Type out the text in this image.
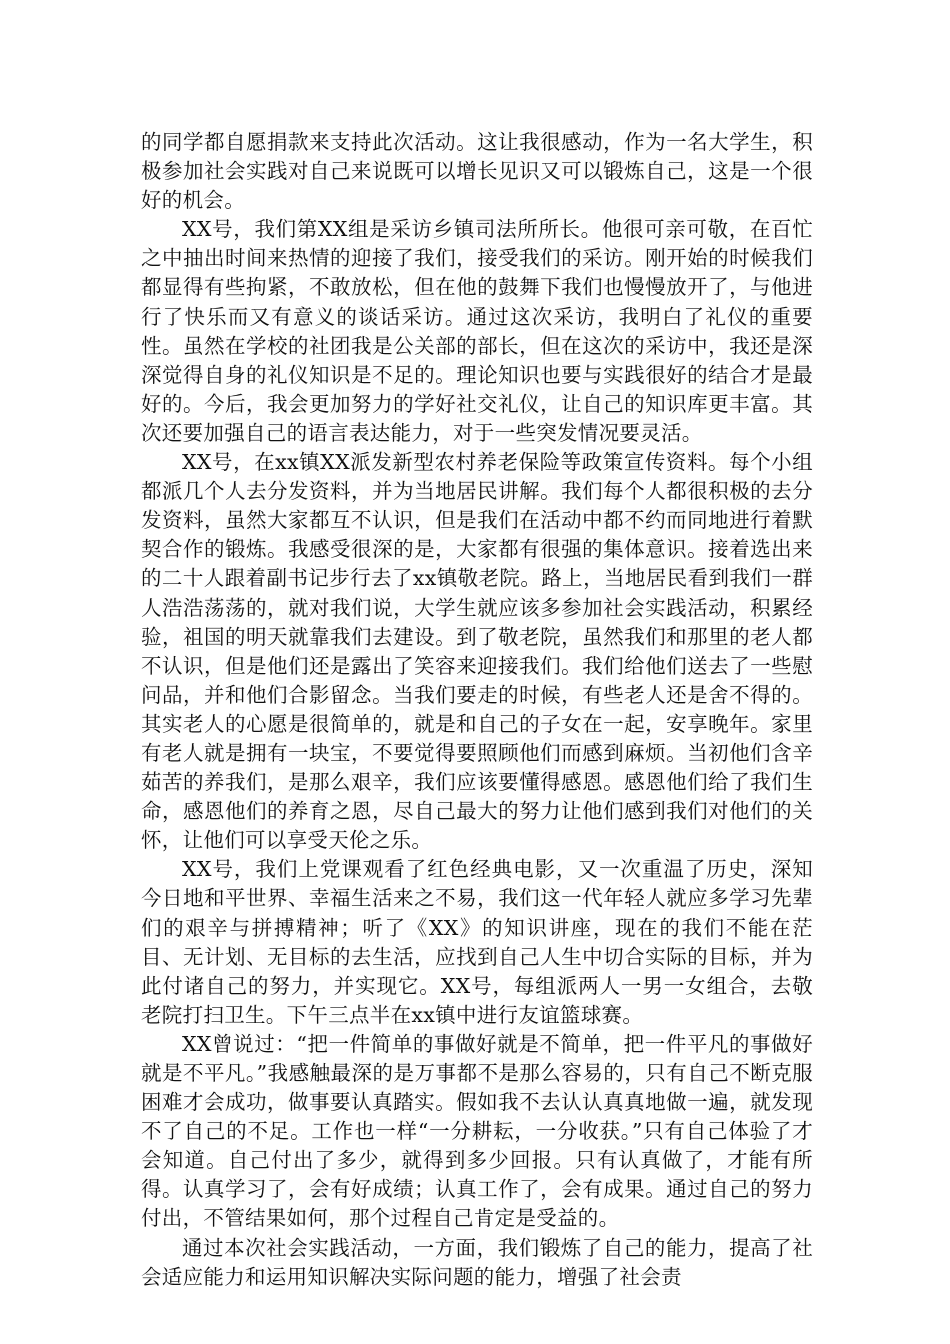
的同学都自愿捐款来支持此次活动。这让我很感动，作为一名大学生，积极参加社会实践对自己来说既可以增长见识又可以锻炼自己，这是一个很好的机会。

XX号，我们第XX组是采访乡镇司法所所长。他很可亲可敬，在百忙之中抽出时间来热情的迎接了我们，接受我们的采访。刚开始的时候我们都显得有些拘紧，不敢放松，但在他的鼓舞下我们也慢慢放开了，与他进行了快乐而又有意义的谈话采访。通过这次采访，我明白了礼仪的重要性。虽然在学校的社团我是公关部的部长，但在这次的采访中，我还是深深觉得自身的礼仪知识是不足的。理论知识也要与实践很好的结合才是最好的。今后，我会更加努力的学好社交礼仪，让自己的知识库更丰富。其次还要加强自己的语言表达能力，对于一些突发情况要灵活。

XX号，在xx镇XX派发新型农村养老保险等政策宣传资料。每个小组都派几个人去分发资料，并为当地居民讲解。我们每个人都很积极的去分发资料，虽然大家都互不认识，但是我们在活动中都不约而同地进行着默契合作的锻炼。我感受很深的是，大家都有很强的集体意识。接着选出来的二十人跟着副书记步行去了xx镇敬老院。路上，当地居民看到我们一群人浩浩荡荡的，就对我们说，大学生就应该多参加社会实践活动，积累经验，祖国的明天就靠我们去建设。到了敬老院，虽然我们和那里的老人都不认识，但是他们还是露出了笑容来迎接我们。我们给他们送去了一些慰问品，并和他们合影留念。当我们要走的时候，有些老人还是舍不得的。其实老人的心愿是很简单的，就是和自己的子女在一起，安享晚年。家里有老人就是拥有一块宝，不要觉得要照顾他们而感到麻烦。当初他们含辛茹苦的养我们，是那么艰辛，我们应该要懂得感恩。感恩他们给了我们生命，感恩他们的养育之恩，尽自己最大的努力让他们感到我们对他们的关怀，让他们可以享受天伦之乐。

XX号，我们上党课观看了红色经典电影，又一次重温了历史，深知今日地和平世界、幸福生活来之不易，我们这一代年轻人就应多学习先辈们的艰辛与拼搏精神；听了《XX》的知识讲座，现在的我们不能在茫目、无计划、无目标的去生活，应找到自己人生中切合实际的目标，并为此付诸自己的努力，并实现它。XX号，每组派两人一男一女组合，去敬老院打扫卫生。下午三点半在xx镇中进行友谊篮球赛。

XX曾说过：“把一件简单的事做好就是不简单，把一件平凡的事做好就是不平凡。”我感触最深的是万事都不是那么容易的，只有自己不断克服困难才会成功，做事要认真踏实。假如我不去认认真真地做一遍，就发现不了自己的不足。工作也一样“一分耕耘，一分收获。”只有自己体验了才会知道。自己付出了多少，就得到多少回报。只有认真做了，才能有所得。认真学习了，会有好成绩；认真工作了，会有成果。通过自己的努力付出，不管结果如何，那个过程自己肯定是受益的。

通过本次社会实践活动，一方面，我们锻炼了自己的能力，提高了社会适应能力和运用知识解决实际问题的能力，增强了社会责
